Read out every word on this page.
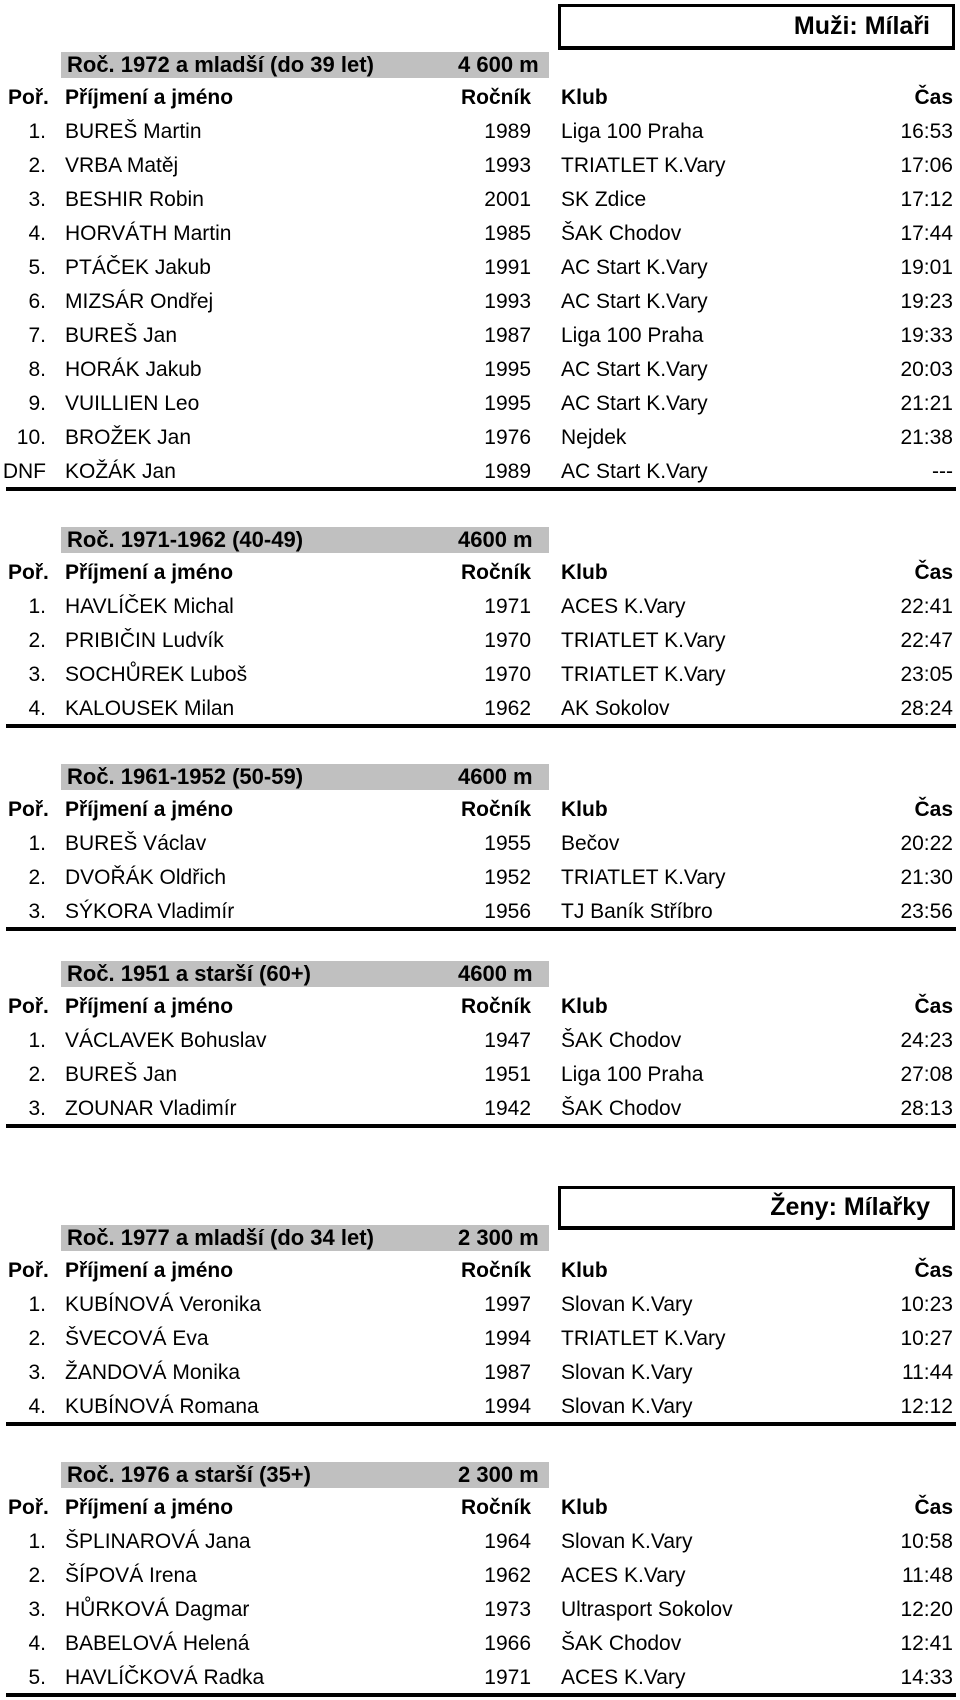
Muži: Mílaři
Roč. 1972 a mladší (do 39 let)	4 600 m
Poř. Příjmení a jméno	Ročník Klub	Čas
1. BUREŠ Martin	1989 Liga 100 Praha	16:53
2. VRBA Matěj	1993 TRIATLET K.Vary	17:06
3. BESHIR Robin	2001 SK Zdice	17:12
4. HORVÁTH Martin	1985 ŠAK Chodov	17:44
5. PTÁČEK Jakub	1991 AC Start K.Vary	19:01
6. MIZSÁR Ondřej	1993 AC Start K.Vary	19:23
7. BUREŠ Jan	1987 Liga 100 Praha	19:33
8. HORÁK Jakub	1995 AC Start K.Vary	20:03
9. VUILLIEN Leo	1995 AC Start K.Vary	21:21
10. BROŽEK Jan	1976 Nejdek	21:38
DNF KOŽÁK Jan	1989 AC Start K.Vary	---
Roč. 1971-1962 (40-49)	4600 m
Poř. Příjmení a jméno	Ročník Klub	Čas
1. HAVLÍČEK Michal	1971 ACES K.Vary	22:41
2. PRIBIČIN Ludvík	1970 TRIATLET K.Vary	22:47
3. SOCHŮREK Luboš	1970 TRIATLET K.Vary	23:05
4. KALOUSEK Milan	1962 AK Sokolov	28:24
Roč. 1961-1952 (50-59)	4600 m
Poř. Příjmení a jméno	Ročník Klub	Čas
1. BUREŠ Václav	1955 Bečov	20:22
2. DVOŘÁK Oldřich	1952 TRIATLET K.Vary	21:30
3. SÝKORA Vladimír	1956 TJ Baník Stříbro	23:56
Roč. 1951 a starší (60+)	4600 m
Poř. Příjmení a jméno	Ročník Klub	Čas
1. VÁCLAVEK Bohuslav	1947 ŠAK Chodov	24:23
2. BUREŠ Jan	1951 Liga 100 Praha	27:08
3. ZOUNAR Vladimír	1942 ŠAK Chodov	28:13
Ženy: Mílařky
Roč. 1977 a mladší (do 34 let)	2 300 m
Poř. Příjmení a jméno	Ročník Klub	Čas
1. KUBÍNOVÁ Veronika	1997 Slovan K.Vary	10:23
2. ŠVECOVÁ Eva	1994 TRIATLET K.Vary	10:27
3. ŽANDOVÁ Monika	1987 Slovan K.Vary	11:44
4. KUBÍNOVÁ Romana	1994 Slovan K.Vary	12:12
Roč. 1976 a starší (35+)	2 300 m
Poř. Příjmení a jméno	Ročník Klub	Čas
1. ŠPLINAROVÁ Jana	1964 Slovan K.Vary	10:58
2. ŠÍPOVÁ Irena	1962 ACES K.Vary	11:48
3. HŮRKOVÁ Dagmar	1973 Ultrasport Sokolov	12:20
4. BABELOVÁ Helená	1966 ŠAK Chodov	12:41
5. HAVLÍČKOVÁ Radka	1971 ACES K.Vary	14:33
